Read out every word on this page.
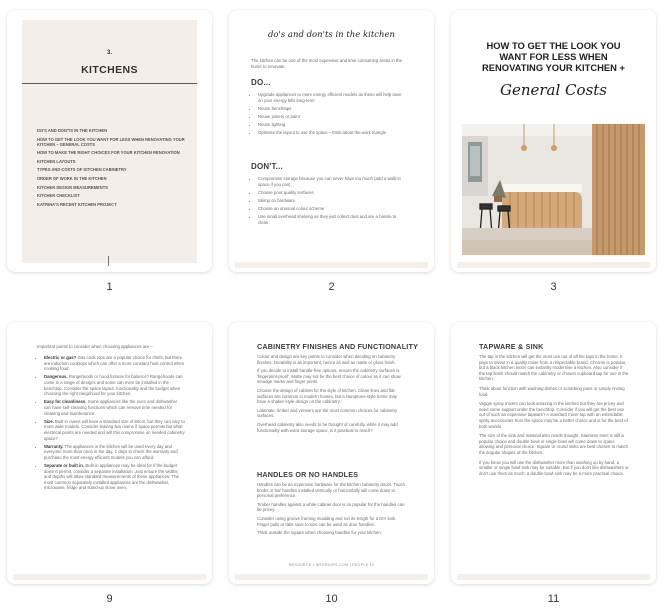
3.
KITCHENS
DO'S AND DON'TS IN THE KITCHEN
HOW TO GET THE LOOK YOU WANT FOR LESS WHEN RENOVATING YOUR KITCHEN – GENERAL COSTS
HOW TO MAKE THE RIGHT CHOICES FOR YOUR KITCHEN RENOVATION
KITCHEN LAYOUTS
TYPES AND COSTS OF KITCHEN CABINETRY
ORDER OF WORK IN THE KITCHEN
KITCHEN DESIGN MEASUREMENTS
KITCHEN CHECKLIST
KATRINA'S RECENT KITCHEN PROJECT
1
do's and don'ts in the kitchen
The kitchen can be one of the most expensive and time consuming areas in the home to renovate.
DO...
• Upgrade appliances to more energy efficient models as these will help save on your energy bills long-term
• Reuse benchtops
• Reuse joinery or paint
• Reuse lighting
• Optimise the layout to use the space – think about the work triangle
DON'T...
• Compromise storage because you can never have too much (add a walk-in space if you can)
• Choose poor quality surfaces
• Skimp on hardware
• Choose an unusual colour scheme
• Use small overhead shelving as they just collect dust and are a hassle to clean
2
HOW TO GET THE LOOK YOU WANT FOR LESS WHEN RENOVATING YOUR KITCHEN +
General Costs
3
Important points to consider when choosing appliances are –
• Electric or gas? Gas cook tops are a popular choice for chefs, but there are induction cooktops which can offer a more constant heat control when cooking food.
• Dangerous. Rangehoods or hood fixtures for balance? Rangehoods can come in a range of designs and some can even be installed in the benchtop. Consider the space layout, functionality and the budget when choosing the right rangehood for your kitchen.
• Easy for cleanliness. Some appliances like the oven and dishwasher can have self-cleaning functions which can remove time needed for cleaning and maintenance.
• Size. Built in ovens will have a standard size of 60cm, but they can vary to more wide models. Consider leaving two ovens if space permits but what electrical points are needed and will this compromise on needed cabinetry space?
• Warranty. The appliances in the kitchen will be used every day and everyone more than once in the day, 1 days to check the warranty and purchase the most energy efficient models you can afford.
• Separate or built in. Built-in appliances may be ideal for if the budget doesn't permit, consider a separate installation. Just ensure the widths and depths will allow standard measurements of these appliances. The most common separately installed appliances are the dishwasher, microwave, fridge and stand-up stove oven.
9
CABINETRY FINISHES AND FUNCTIONALITY

Colour and design are key points to consider when deciding on cabinetry finishes. Durability is as important, hence as well as matte or gloss finish.

If you decide to install handle-free options, ensure the cabinetry surfaces is 'fingerprint-proof'. Matte may not be the best choice of colour as it can show smudge marks and finger prints.

Choose the design of cabinet for the style of kitchen. Clean lines and flat surfaces are common in modern homes, but a Hamptons-style home may have a shaker-style design on the cabinetry.

Laminate, timber and veneers are the most common choices for cabinetry surfaces.

Overhead cabinetry also needs to be thought of carefully, while it may add functionality with extra storage space, is it practical to reach?

HANDLES OR NO HANDLES

Handles can be an expensive hardware for the kitchen cabinetry doors. Touch knobs or bar handles installed vertically or horizontally will come down to personal preference.

Timber handles against a white cabinet door is so popular for the handles can be pricey.

Consider using groove framing moulding and run its length for a DIY look. Finger pulls or tabs save to size can be used as door handles.

Think outside the square when choosing handles for your kitchen.

RESOURCE • INTERIORS.COM | PEOPLE 10
10
TAPWARE & SINK

The tap in the kitchen will get the most use out of all the taps in the home. It pays to invest in a quality mixer from a respectable brand. Chrome is popular, but a black kitchen mixer can instantly modernise a kitchen. Also consider if the tap finish should match the cabinetry or chosen cupboard tap for use in the kitchen.

Think about function with washing dishes or scrubbing pans or simply rinsing food.

Veggie spray mixers can look amazing in the kitchen but they are pricey and need some support under the benchtop. Consider if you will get the best use out of such an expensive tapware? A standard mixer tap with an extendable spray accessories from the space may be a better choice and is for the best of both worlds.

The size of the sink and material also needs thought. Stainless steel is still a popular choice and double bowl or single bowl will come down to space allowing and personal choice. Square or round sinks are best chosen to match the angular shapes of the kitchen.

If you know you will use the dishwasher more than washing up by hand, a smaller or single bowl sink may be suitable. But if you don't like dishwashers or don't use them as much, a double bowl sink may be a more practical choice.

11
